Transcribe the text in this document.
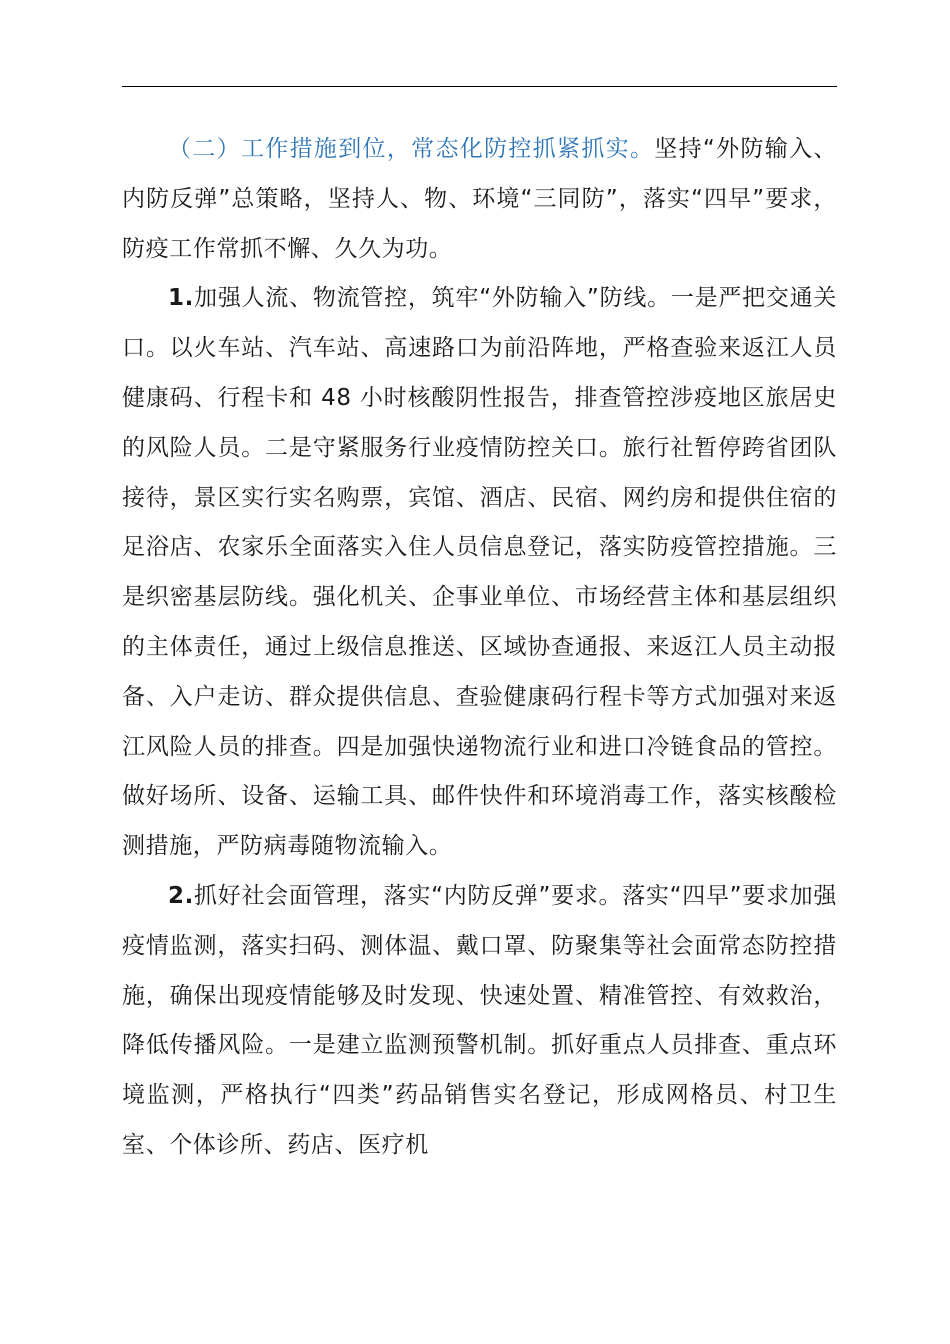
（二）工作措施到位，常态化防控抓紧抓实。坚持“外防输入、内防反弹”总策略，坚持人、物、环境“三同防”，落实“四早”要求，防疫工作常抓不懈、久久为功。

1.加强人流、物流管控，筑牢“外防输入”防线。一是严把交通关口。以火车站、汽车站、高速路口为前沿阵地，严格查验来返江人员健康码、行程卡和 48 小时核酸阴性报告，排查管控涉疫地区旅居史的风险人员。二是守紧服务行业疫情防控关口。旅行社暂停跨省团队接待，景区实行实名购票，宾馆、酒店、民宿、网约房和提供住宿的足浴店、农家乐全面落实入住人员信息登记，落实防疫管控措施。三是织密基层防线。强化机关、企事业单位、市场经营主体和基层组织的主体责任，通过上级信息推送、区域协查通报、来返江人员主动报备、入户走访、群众提供信息、查验健康码行程卡等方式加强对来返江风险人员的排查。四是加强快递物流行业和进口冷链食品的管控。做好场所、设备、运输工具、邮件快件和环境消毒工作，落实核酸检测措施，严防病毒随物流输入。

2.抓好社会面管理，落实“内防反弹”要求。落实“四早”要求加强疫情监测，落实扫码、测体温、戴口罩、防聚集等社会面常态防控措施，确保出现疫情能够及时发现、快速处置、精准管控、有效救治，降低传播风险。一是建立监测预警机制。抓好重点人员排查、重点环境监测，严格执行“四类”药品销售实名登记，形成网格员、村卫生室、个体诊所、药店、医疗机
